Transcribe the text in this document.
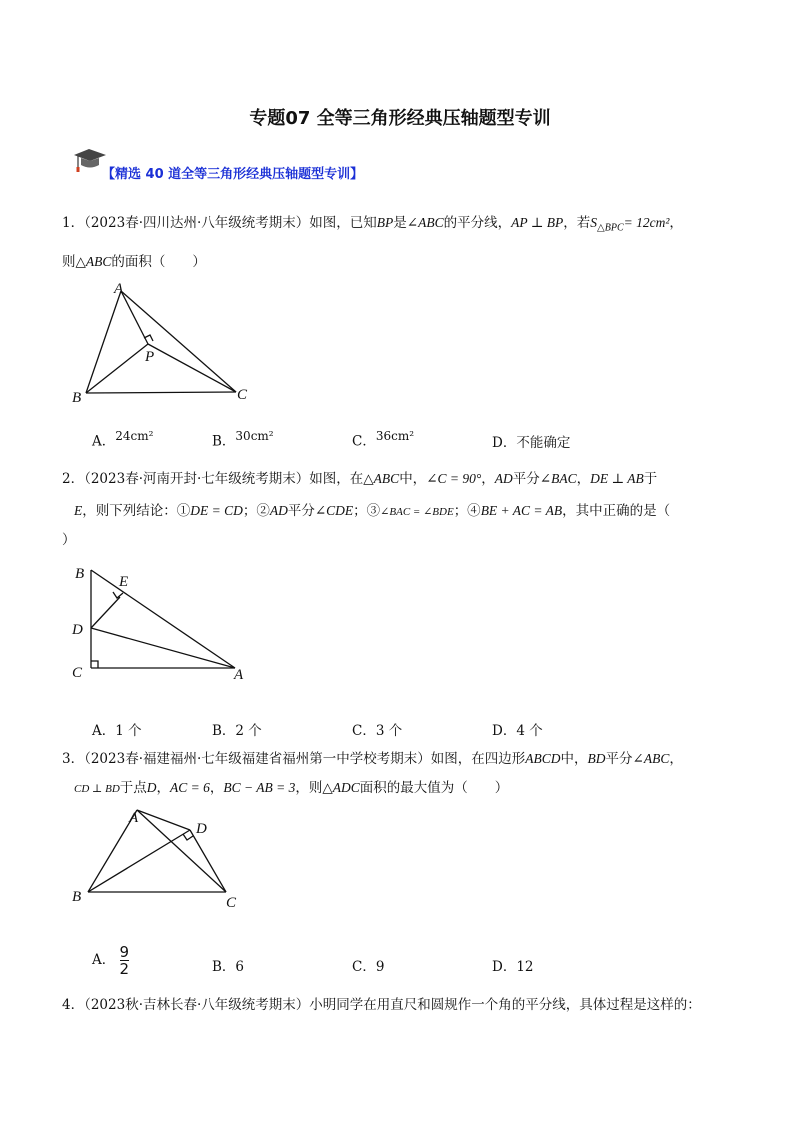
专题07 全等三角形经典压轴题型专训
【精选 40 道全等三角形经典压轴题型专训】
1．（2023春·四川达州·八年级统考期末）如图，已知BP是∠ABC的平分线，AP ⊥ BP，若$S_{\triangle BPC}= 12cm^2$，
则△ABC的面积（　　）
A
B	C
P
A．$^{24cm^2}$	B．$^{30cm^2}$	C．$^{36cm^2}$	D．不能确定
2．（2023春·河南开封·七年级统考期末）如图，在△ABC中，∠C = 90°，AD平分∠BAC，DE ⊥ AB于
E，则下列结论：①DE = CD；②AD平分∠CDE；③∠BAC = ∠BDE；④BE + AC = AB，其中正确的是（
）
B E
D
C	A
A．1 个	B．2 个	C．3 个	D．4 个
3．（2023春·福建福州·七年级福建省福州第一中学校考期末）如图，在四边形ABCD中，BD平分∠ABC，
CD ⊥ BD于点D，AC = 6，BC − AB = 3，则△ADC面积的最大值为（　　）
A
D
B	C
A． $\frac{9}{2}$	B．6	C．9	D．12
4．（2023秋·吉林长春·八年级统考期末）小明同学在用直尺和圆规作一个角的平分线，具体过程是这样的：
